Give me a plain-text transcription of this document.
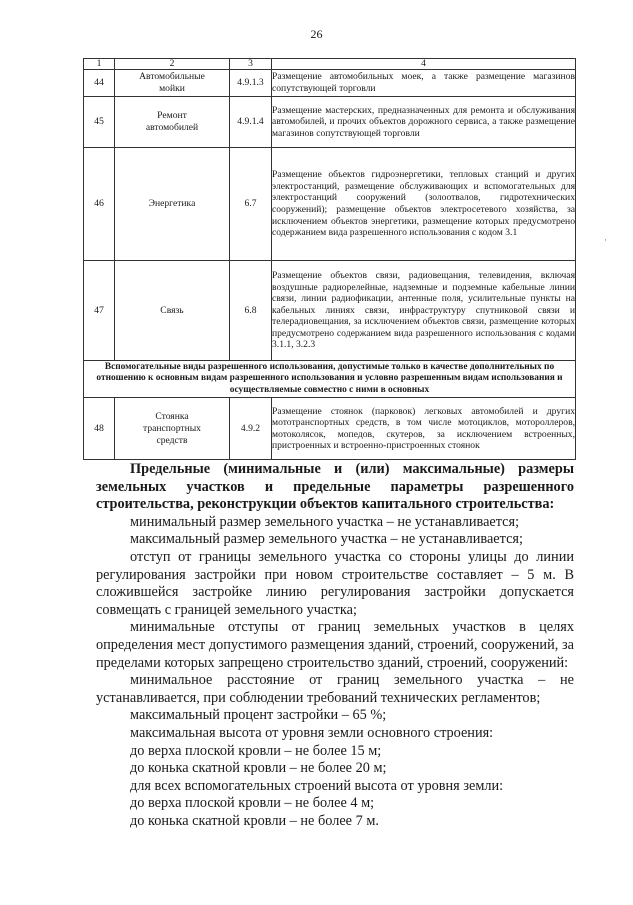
26
1	2	3	4
44	Автомобильные мойки	4.9.1.3	Размещение автомобильных моек, а также размещение магазинов сопутствующей торговли
45	Ремонт автомобилей	4.9.1.4	Размещение мастерских, предназначенных для ремонта и обслуживания автомобилей, и прочих объектов дорожного сервиса, а также размещение магазинов сопутствующей торговли
46	Энергетика	6.7	Размещение объектов гидроэнергетики, тепловых станций и других электростанций, размещение обслуживающих и вспомогательных для электростанций сооружений (золоотвалов, гидротехнических сооружений); размещение объектов электросетевого хозяйства, за исключением объектов энергетики, размещение которых предусмотрено содержанием вида разрешенного использования с кодом 3.1
47	Связь	6.8	Размещение объектов связи, радиовещания, телевидения, включая воздушные радиорелейные, надземные и подземные кабельные линии связи, линии радиофикации, антенные поля, усилительные пункты на кабельных линиях связи, инфраструктуру спутниковой связи и телерадиовещания, за исключением объектов связи, размещение которых предусмотрено содержанием вида разрешенного использования с кодами 3.1.1, 3.2.3
Вспомогательные виды разрешенного использования, допустимые только в качестве дополнительных по отношению к основным видам разрешенного использования и условно разрешенным видам использования и осуществляемые совместно с ними в основных			
48	Стоянка транспортных средств	4.9.2	Размещение стоянок (парковок) легковых автомобилей и других мототранспортных средств, в том числе мотоциклов, мотороллеров, мотоколясок, мопедов, скутеров, за исключением встроенных, пристроенных и встроенно-пристроенных стоянок
·

Предельные (минимальные и (или) максимальные) размеры земельных участков и предельные параметры разрешенного строительства, реконструкции объектов капитального строительства:

минимальный размер земельного участка – не устанавливается;

максимальный размер земельного участка – не устанавливается;

отступ от границы земельного участка со стороны улицы до линии регулирования застройки при новом строительстве составляет – 5 м. В сложившейся застройке линию регулирования застройки допускается совмещать с границей земельного участка;

минимальные отступы от границ земельных участков в целях определения мест допустимого размещения зданий, строений, сооружений, за пределами которых запрещено строительство зданий, строений, сооружений:

минимальное расстояние от границ земельного участка – не устанавливается, при соблюдении требований технических регламентов;

максимальный процент застройки – 65 %;

максимальная высота от уровня земли основного строения:

до верха плоской кровли – не более 15 м;

до конька скатной кровли – не более 20 м;

для всех вспомогательных строений высота от уровня земли:

до верха плоской кровли – не более 4 м;

до конька скатной кровли – не более 7 м.
